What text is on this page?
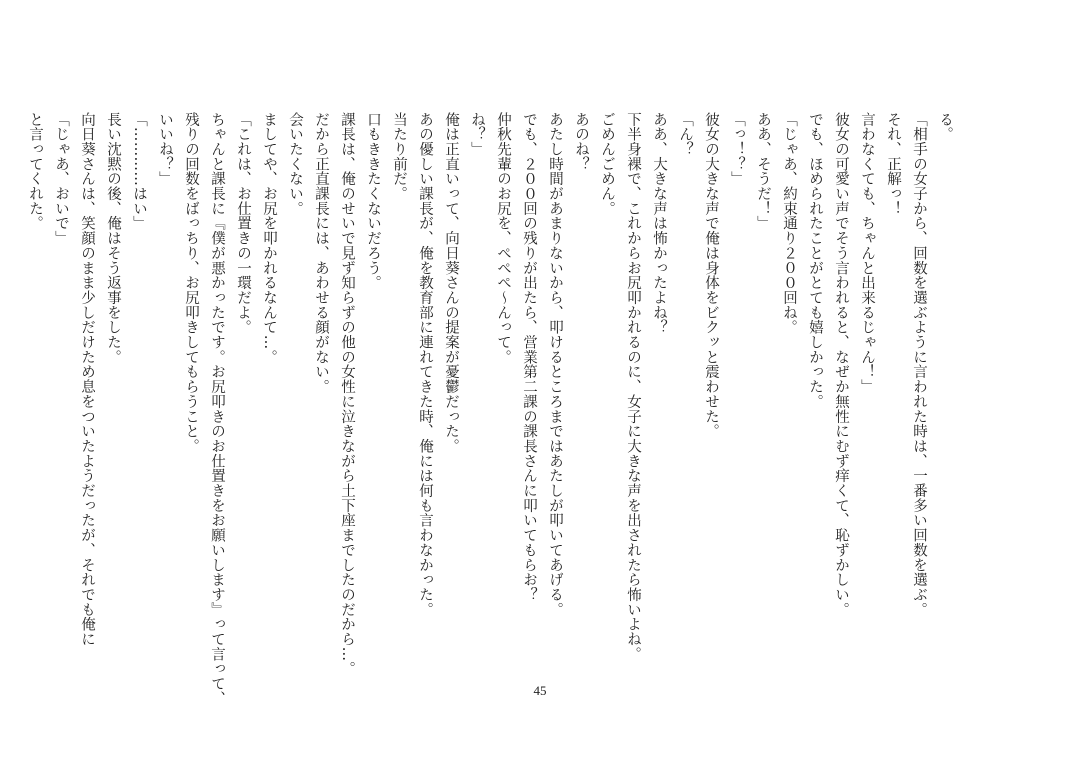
る。
「相手の女子から、回数を選ぶように言われた時は、一番多い回数を選ぶ。
それ、正解っ！
言わなくても、ちゃんと出来るじゃん！」
彼女の可愛い声でそう言われると、なぜか無性にむず痒くて、恥ずかしい。
でも、ほめられたことがとても嬉しかった。
「じゃあ、約束通り２００回ね。
ああ、そうだ！」
「っ！？」
彼女の大きな声で俺は身体をビクッと震わせた。
「ん？
ああ、大きな声は怖かったよね？
下半身裸で、これからお尻叩かれるのに、女子に大きな声を出されたら怖いよね。
ごめんごめん。
あのね？
あたし時間があまりないから、叩けるところまではあたしが叩いてあげる。
でも、２００回の残りが出たら、営業第二課の課長さんに叩いてもらお？
仲秋先輩のお尻を、ぺぺぺ〜んって。
ね？」
俺は正直いって、向日葵さんの提案が憂鬱だった。
あの優しい課長が、俺を教育部に連れてきた時、俺には何も言わなかった。
当たり前だ。
口もききたくないだろう。
課長は、俺のせいで見ず知らずの他の女性に泣きながら土下座までしたのだから…。
だから正直課長には、あわせる顔がない。
会いたくない。
ましてや、お尻を叩かれるなんて…。
「これは、お仕置きの一環だよ。
ちゃんと課長に『僕が悪かったです。お尻叩きのお仕置きをお願いします』って言って、
残りの回数をばっちり、お尻叩きしてもらうこと。
いいね？」
「…………はい」
長い沈黙の後、俺はそう返事をした。
向日葵さんは、笑顔のまま少しだけため息をついたようだったが、それでも俺に
「じゃあ、おいで」
と言ってくれた。
45
